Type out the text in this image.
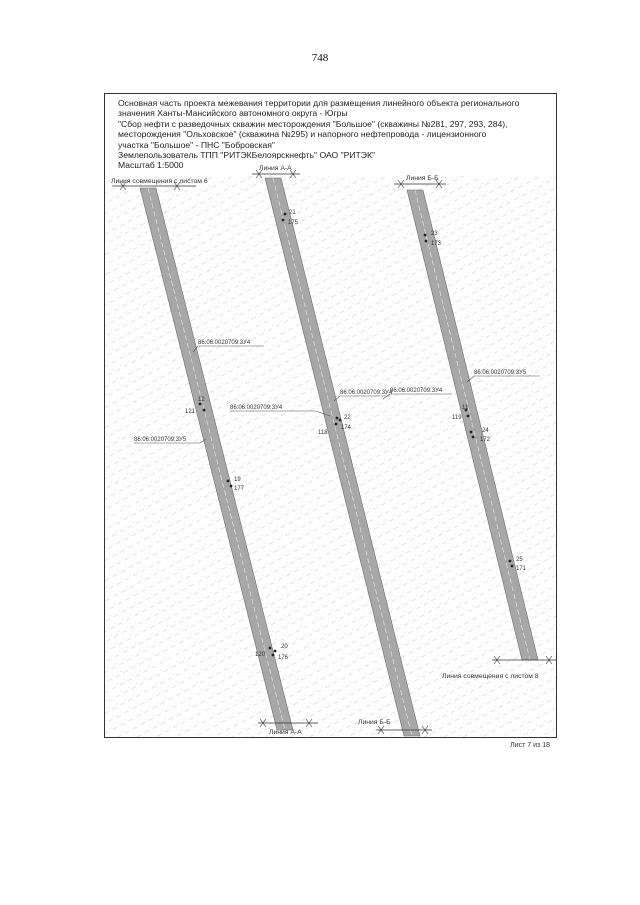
748
Основная часть проекта межевания территории для размещения линейного объекта регионального
значения Ханты-Мансийского автономного округа - Югры
"Сбор нефти с разведочных скважин месторождения "Большое" (скважины №281, 297, 293, 284),
месторождения "Ольховское" (скважина №295) и напорного нефтепровода - лицензионного
участка "Большое" - ПНС "Бобровская"
Землепользователь ТПП "РИТЭКБелоярскнефть" ОАО "РИТЭК"
Масштаб 1:5000
Линия совмещения с листом 6
Линия А-А
Линия Б-Б
Линия А-А
Линия Б-Б
Линия совмещения с листом 8
86:06:0020709:3У4
86:06:0020709:3У5
86:06:0020709:3У4
86:06:0020709:3У4
86:06:0020709:3У4
86:06:0020709:3У5
21
175
22
118
174
12
121
19
177
20
120 176
23
173
11
119
24
172
25
171
Лист 7 из 18
